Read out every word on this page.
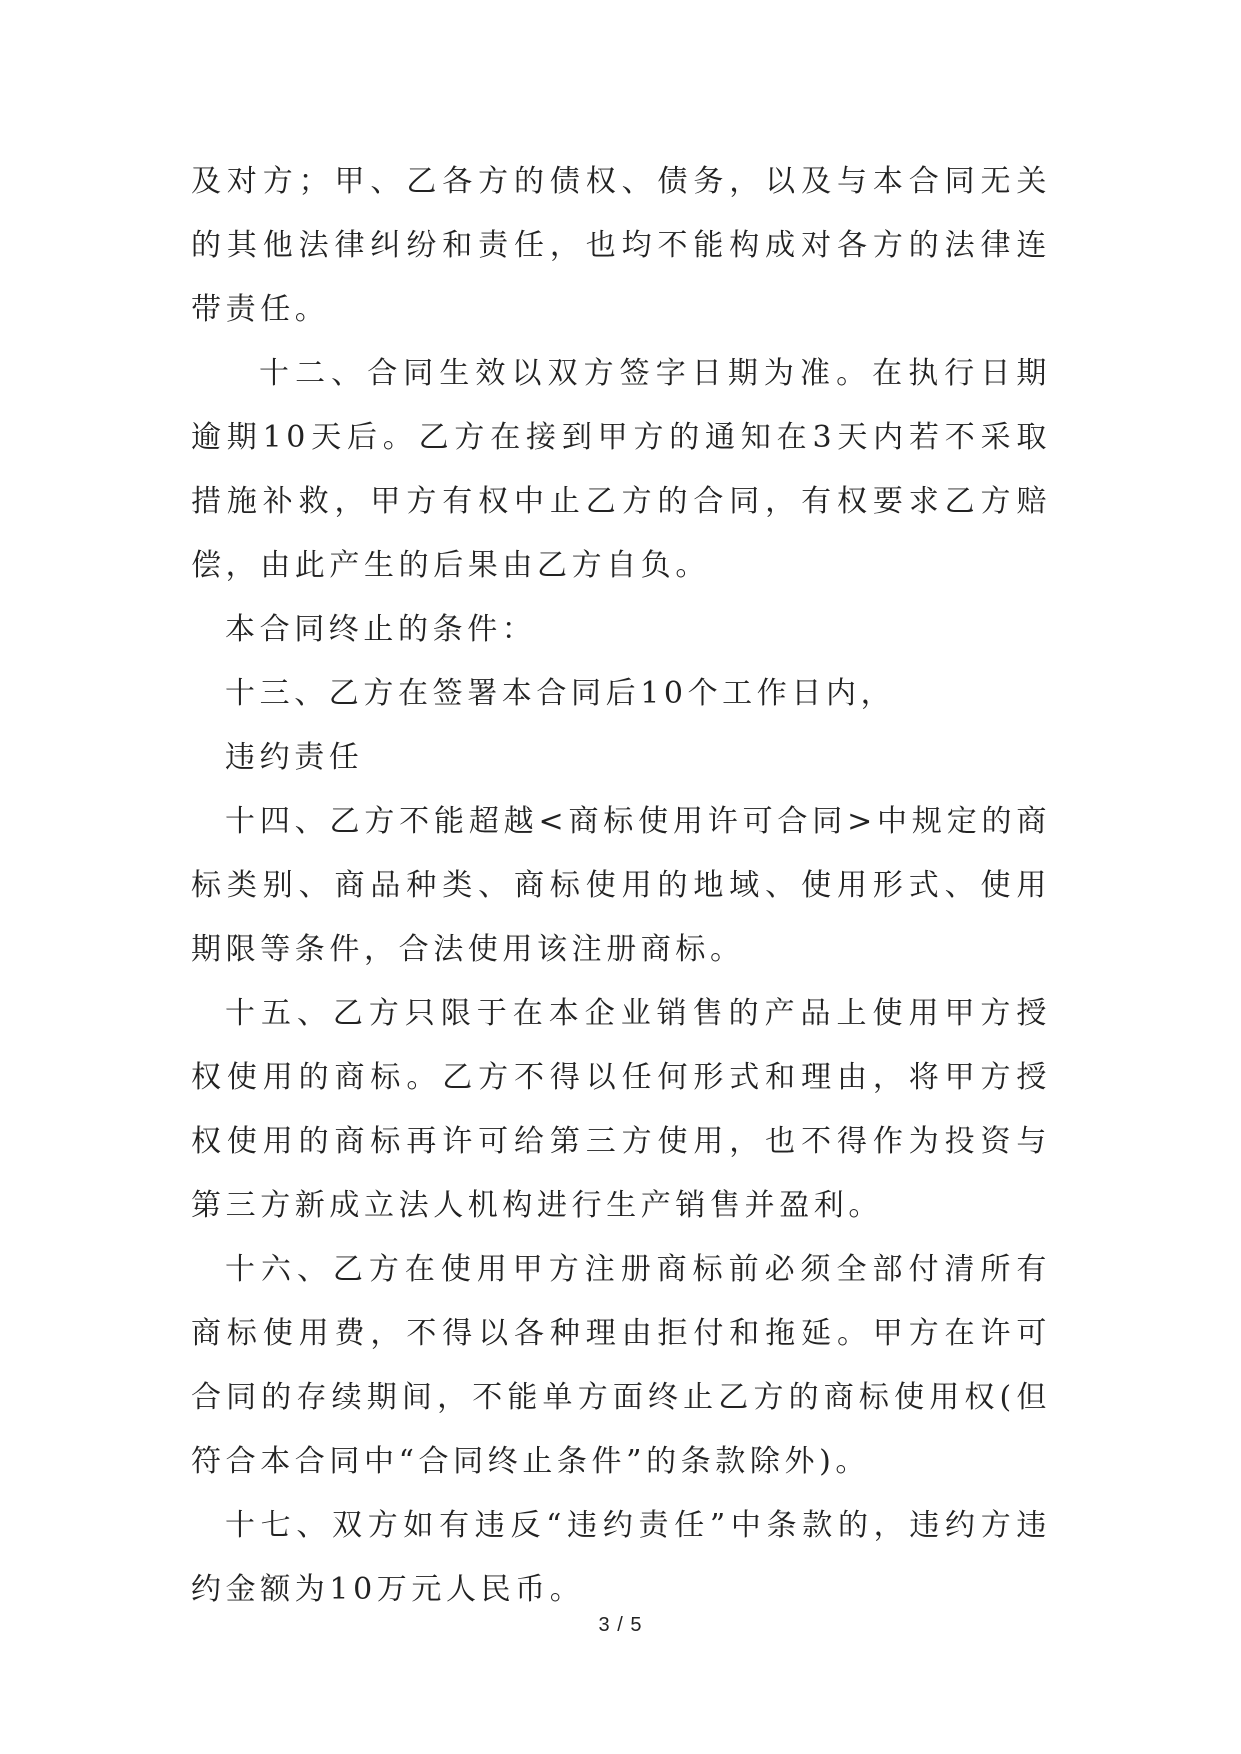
及对方；甲、乙各方的债权、债务，以及与本合同无关的其他法律纠纷和责任，也均不能构成对各方的法律连带责任。

十二、合同生效以双方签字日期为准。在执行日期逾期10天后。乙方在接到甲方的通知在3天内若不采取措施补救，甲方有权中止乙方的合同，有权要求乙方赔偿，由此产生的后果由乙方自负。

本合同终止的条件：

十三、乙方在签署本合同后10个工作日内，

违约责任

十四、乙方不能超越<商标使用许可合同>中规定的商标类别、商品种类、商标使用的地域、使用形式、使用期限等条件，合法使用该注册商标。

十五、乙方只限于在本企业销售的产品上使用甲方授权使用的商标。乙方不得以任何形式和理由，将甲方授权使用的商标再许可给第三方使用，也不得作为投资与第三方新成立法人机构进行生产销售并盈利。

十六、乙方在使用甲方注册商标前必须全部付清所有商标使用费，不得以各种理由拒付和拖延。甲方在许可合同的存续期间，不能单方面终止乙方的商标使用权(但符合本合同中“合同终止条件”的条款除外)。

十七、双方如有违反“违约责任”中条款的，违约方违约金额为10万元人民币。

3 / 5
